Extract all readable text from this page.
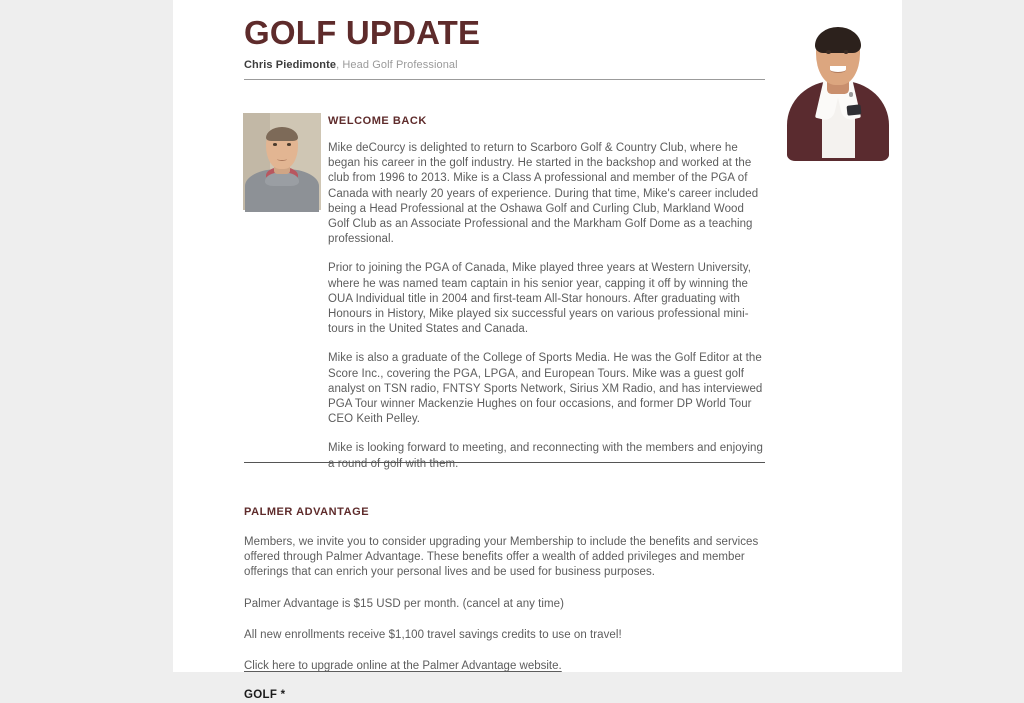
GOLF UPDATE

Chris Piedimonte, Head Golf Professional

WELCOME BACK

Mike deCourcy is delighted to return to Scarboro Golf & Country Club, where he began his career in the golf industry. He started in the backshop and worked at the club from 1996 to 2013. Mike is a Class A professional and member of the PGA of Canada with nearly 20 years of experience. During that time, Mike's career included being a Head Professional at the Oshawa Golf and Curling Club, Markland Wood Golf Club as an Associate Professional and the Markham Golf Dome as a teaching professional.

Prior to joining the PGA of Canada, Mike played three years at Western University, where he was named team captain in his senior year, capping it off by winning the OUA Individual title in 2004 and first-team All-Star honours. After graduating with Honours in History, Mike played six successful years on various professional mini-tours in the United States and Canada.

Mike is also a graduate of the College of Sports Media. He was the Golf Editor at the Score Inc., covering the PGA, LPGA, and European Tours. Mike was a guest golf analyst on TSN radio, FNTSY Sports Network, Sirius XM Radio, and has interviewed PGA Tour winner Mackenzie Hughes on four occasions, and former DP World Tour CEO Keith Pelley.

Mike is looking forward to meeting, and reconnecting with the members and enjoying a round of golf with them.

PALMER ADVANTAGE

Members, we invite you to consider upgrading your Membership to include the benefits and services offered through Palmer Advantage. These benefits offer a wealth of added privileges and member offerings that can enrich your personal lives and be used for business purposes.

Palmer Advantage is $15 USD per month. (cancel at any time)

All new enrollments receive $1,100 travel savings credits to use on travel!

Click here to upgrade online at the Palmer Advantage website.

GOLF *
